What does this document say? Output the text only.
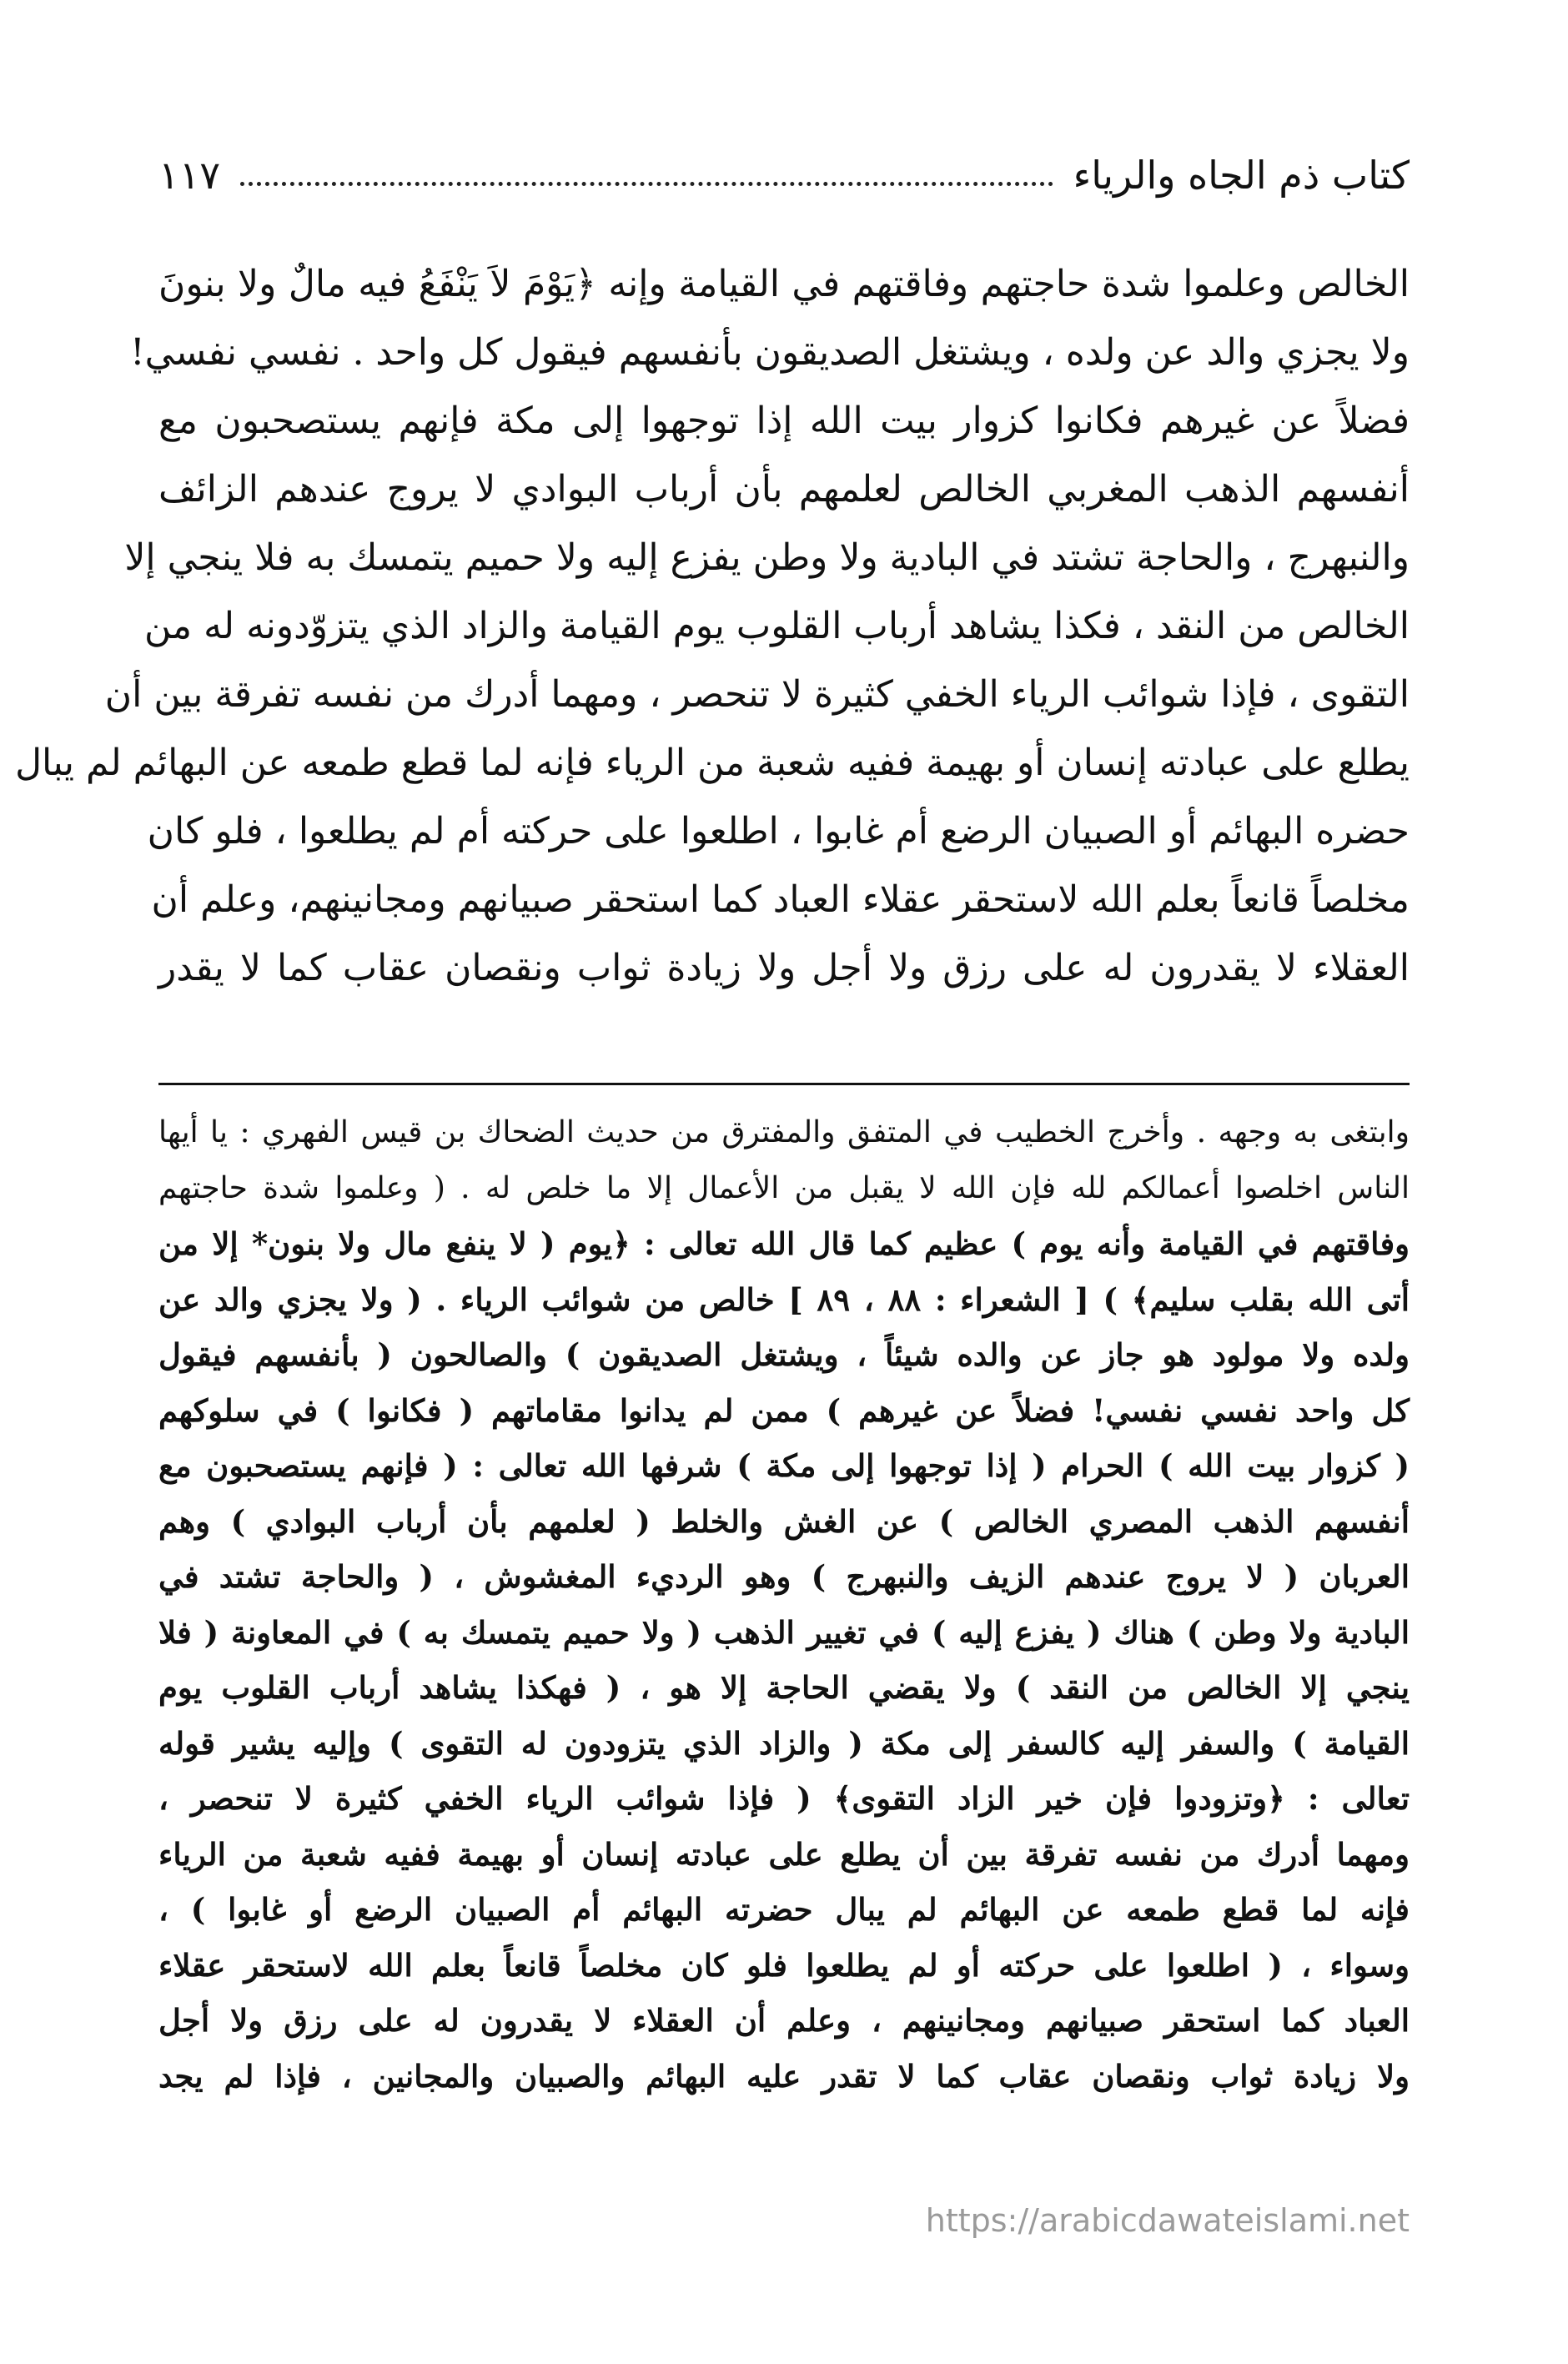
كتاب ذم الجاه والرياء
١١٧
الخالص وعلموا شدة حاجتهم وفاقتهم في القيامة وإنه ﴿يَوْمَ لاَ يَنْفَعُ فيه مالٌ ولا بنونَ
ولا يجزي والد عن ولده ، ويشتغل الصديقون بأنفسهم فيقول كل واحد . نفسي نفسي!
فضلاً عن غيرهم فكانوا كزوار بيت الله إذا توجهوا إلى مكة فإنهم يستصحبون مع
أنفسهم الذهب المغربي الخالص لعلمهم بأن أرباب البوادي لا يروج عندهم الزائف
والنبهرج ، والحاجة تشتد في البادية ولا وطن يفزع إليه ولا حميم يتمسك به فلا ينجي إلا
الخالص من النقد ، فكذا يشاهد أرباب القلوب يوم القيامة والزاد الذي يتزوّدونه له من
التقوى ، فإذا شوائب الرياء الخفي كثيرة لا تنحصر ، ومهما أدرك من نفسه تفرقة بين أن
يطلع على عبادته إنسان أو بهيمة ففيه شعبة من الرياء فإنه لما قطع طمعه عن البهائم لم يبال
حضره البهائم أو الصبيان الرضع أم غابوا ، اطلعوا على حركته أم لم يطلعوا ، فلو كان
مخلصاً قانعاً بعلم الله لاستحقر عقلاء العباد كما استحقر صبيانهم ومجانينهم، وعلم أن
العقلاء لا يقدرون له على رزق ولا أجل ولا زيادة ثواب ونقصان عقاب كما لا يقدر
وابتغى به وجهه . وأخرج الخطيب في المتفق والمفترق من حديث الضحاك بن قيس الفهري : يا أيها
الناس اخلصوا أعمالكم لله فإن الله لا يقبل من الأعمال إلا ما خلص له . ( وعلموا شدة حاجتهم
وفاقتهم في القيامة وأنه يوم ) عظيم كما قال الله تعالى : ﴿يوم ( لا ينفع مال ولا بنون* إلا من
أتى الله بقلب سليم﴾ ) [ الشعراء : ٨٨ ، ٨٩ ] خالص من شوائب الرياء . ( ولا يجزي والد عن
ولده ولا مولود هو جاز عن والده شيئاً ، ويشتغل الصديقون ) والصالحون ( بأنفسهم فيقول
كل واحد نفسي نفسي! فضلاً عن غيرهم ) ممن لم يدانوا مقاماتهم ( فكانوا ) في سلوكهم
( كزوار بيت الله ) الحرام ( إذا توجهوا إلى مكة ) شرفها الله تعالى : ( فإنهم يستصحبون مع
أنفسهم الذهب المصري الخالص ) عن الغش والخلط ( لعلمهم بأن أرباب البوادي ) وهم
العربان ( لا يروج عندهم الزيف والنبهرج ) وهو الرديء المغشوش ، ( والحاجة تشتد في
البادية ولا وطن ) هناك ( يفزع إليه ) في تغيير الذهب ( ولا حميم يتمسك به ) في المعاونة ( فلا
ينجي إلا الخالص من النقد ) ولا يقضي الحاجة إلا هو ، ( فهكذا يشاهد أرباب القلوب يوم
القيامة ) والسفر إليه كالسفر إلى مكة ( والزاد الذي يتزودون له التقوى ) وإليه يشير قوله
تعالى : ﴿وتزودوا فإن خير الزاد التقوى﴾ ( فإذا شوائب الرياء الخفي كثيرة لا تنحصر ،
ومهما أدرك من نفسه تفرقة بين أن يطلع على عبادته إنسان أو بهيمة ففيه شعبة من الرياء
فإنه لما قطع طمعه عن البهائم لم يبال حضرته البهائم أم الصبيان الرضع أو غابوا ) ،
وسواء ، ( اطلعوا على حركته أو لم يطلعوا فلو كان مخلصاً قانعاً بعلم الله لاستحقر عقلاء
العباد كما استحقر صبيانهم ومجانينهم ، وعلم أن العقلاء لا يقدرون له على رزق ولا أجل
ولا زيادة ثواب ونقصان عقاب كما لا تقدر عليه البهائم والصبيان والمجانين ، فإذا لم يجد
https://arabicdawateislami.net
